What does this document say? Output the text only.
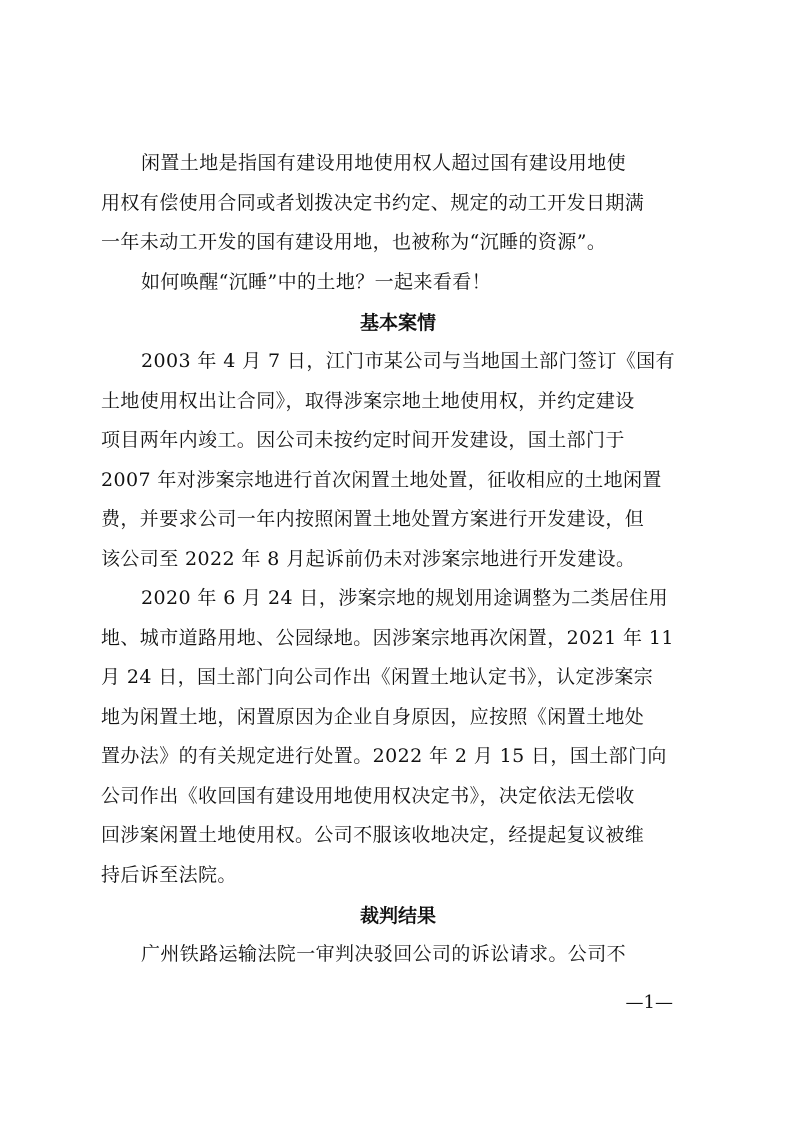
闲置土地是指国有建设用地使用权人超过国有建设用地使
用权有偿使用合同或者划拨决定书约定、规定的动工开发日期满
一年未动工开发的国有建设用地，也被称为“沉睡的资源”。

如何唤醒“沉睡”中的土地？一起来看看！

基本案情

2003 年 4 月 7 日，江门市某公司与当地国土部门签订《国有
土地使用权出让合同》，取得涉案宗地土地使用权，并约定建设
项目两年内竣工。因公司未按约定时间开发建设，国土部门于
2007 年对涉案宗地进行首次闲置土地处置，征收相应的土地闲置
费，并要求公司一年内按照闲置土地处置方案进行开发建设，但
该公司至 2022 年 8 月起诉前仍未对涉案宗地进行开发建设。

2020 年 6 月 24 日，涉案宗地的规划用途调整为二类居住用
地、城市道路用地、公园绿地。因涉案宗地再次闲置，2021 年 11
月 24 日，国土部门向公司作出《闲置土地认定书》，认定涉案宗
地为闲置土地，闲置原因为企业自身原因，应按照《闲置土地处
置办法》的有关规定进行处置。2022 年 2 月 15 日，国土部门向
公司作出《收回国有建设用地使用权决定书》，决定依法无偿收
回涉案闲置土地使用权。公司不服该收地决定，经提起复议被维
持后诉至法院。

裁判结果

广州铁路运输法院一审判决驳回公司的诉讼请求。公司不

—1—
